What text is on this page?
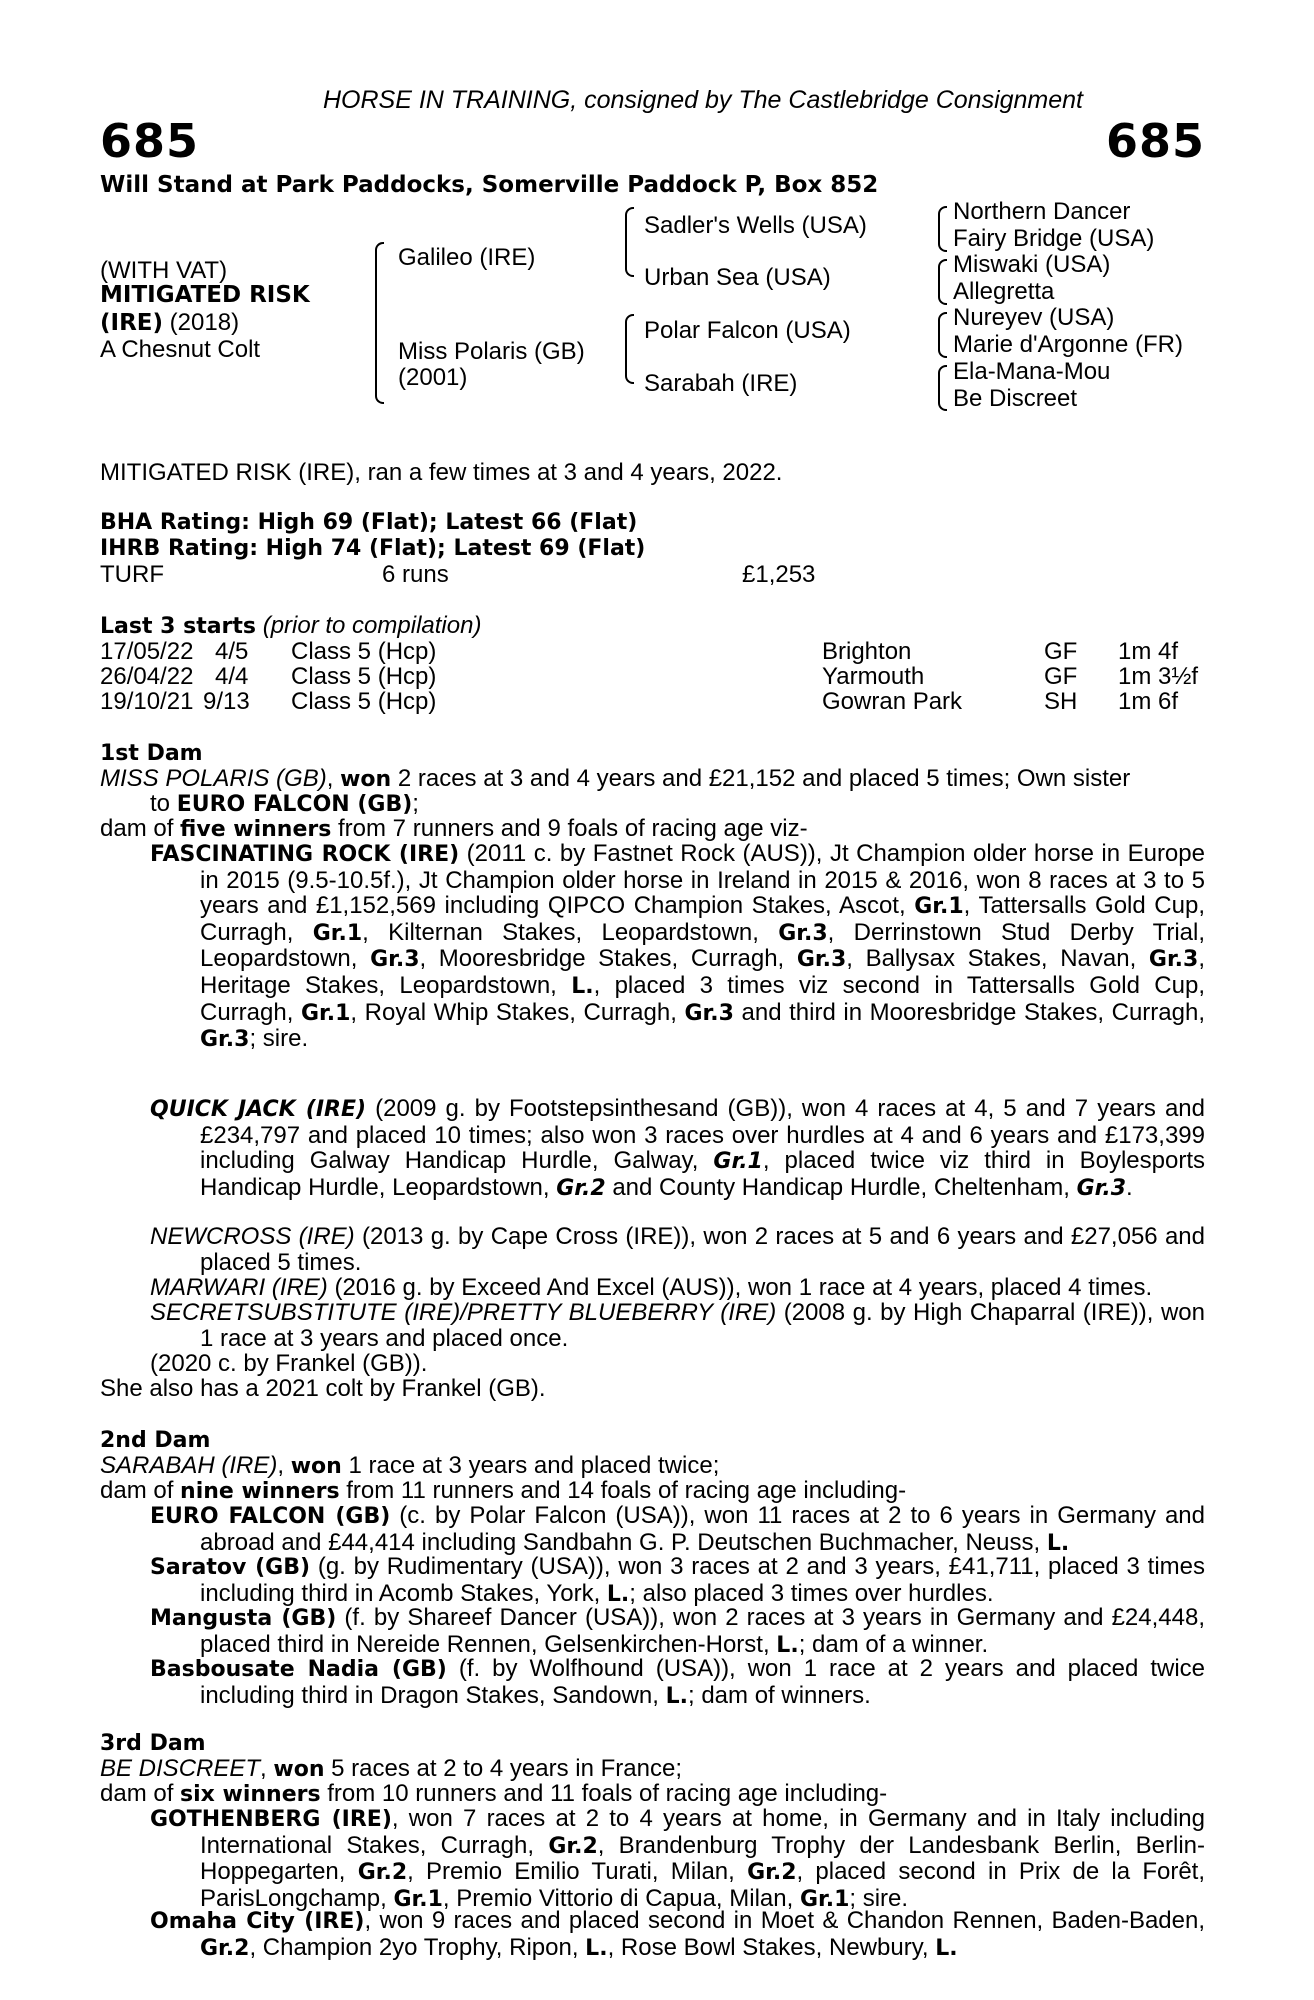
HORSE IN TRAINING, consigned by The Castlebridge Consignment
685	685
Will Stand at Park Paddocks, Somerville Paddock P, Box 852
(WITH VAT)
MITIGATED RISK
(IRE) (2018)
A Chesnut Colt
Galileo (IRE)
Miss Polaris (GB)
(2001)
Sadler's Wells (USA)
Urban Sea (USA)
Polar Falcon (USA)
Sarabah (IRE)
Northern Dancer
Fairy Bridge (USA)
Miswaki (USA)
Allegretta
Nureyev (USA)
Marie d'Argonne (FR)
Ela-Mana-Mou
Be Discreet
MITIGATED RISK (IRE), ran a few times at 3 and 4 years, 2022.
BHA Rating: High 69 (Flat); Latest 66 (Flat)
IHRB Rating: High 74 (Flat); Latest 69 (Flat)
TURF	6 runs	£1,253
Last 3 starts (prior to compilation)
17/05/22 4/5 Class 5 (Hcp)	Brighton	GF 1m 4f
26/04/22 4/4 Class 5 (Hcp)	Yarmouth	GF 1m 3½f
19/10/21 9/13 Class 5 (Hcp)	Gowran Park	SH 1m 6f
1st Dam
MISS POLARIS (GB), won 2 races at 3 and 4 years and £21,152 and placed 5 times; Own sister
to EURO FALCON (GB);
dam of five winners from 7 runners and 9 foals of racing age viz-
FASCINATING ROCK (IRE) (2011 c. by Fastnet Rock (AUS)), Jt Champion older horse in Europe in 2015 (9.5-10.5f.), Jt Champion older horse in Ireland in 2015 & 2016, won 8 races at 3 to 5 years and £1,152,569 including QIPCO Champion Stakes, Ascot, Gr.1, Tattersalls Gold Cup, Curragh, Gr.1, Kilternan Stakes, Leopardstown, Gr.3, Derrinstown Stud Derby Trial, Leopardstown, Gr.3, Mooresbridge Stakes, Curragh, Gr.3, Ballysax Stakes, Navan, Gr.3, Heritage Stakes, Leopardstown, L., placed 3 times viz second in Tattersalls Gold Cup, Curragh, Gr.1, Royal Whip Stakes, Curragh, Gr.3 and third in Mooresbridge Stakes, Curragh, Gr.3; sire.
QUICK JACK (IRE) (2009 g. by Footstepsinthesand (GB)), won 4 races at 4, 5 and 7 years and £234,797 and placed 10 times; also won 3 races over hurdles at 4 and 6 years and £173,399 including Galway Handicap Hurdle, Galway, Gr.1, placed twice viz third in Boylesports Handicap Hurdle, Leopardstown, Gr.2 and County Handicap Hurdle, Cheltenham, Gr.3.
NEWCROSS (IRE) (2013 g. by Cape Cross (IRE)), won 2 races at 5 and 6 years and £27,056 and placed 5 times.
MARWARI (IRE) (2016 g. by Exceed And Excel (AUS)), won 1 race at 4 years, placed 4 times.
SECRETSUBSTITUTE (IRE)/PRETTY BLUEBERRY (IRE) (2008 g. by High Chaparral (IRE)), won 1 race at 3 years and placed once.
(2020 c. by Frankel (GB)).
She also has a 2021 colt by Frankel (GB).
2nd Dam
SARABAH (IRE), won 1 race at 3 years and placed twice;
dam of nine winners from 11 runners and 14 foals of racing age including-
EURO FALCON (GB) (c. by Polar Falcon (USA)), won 11 races at 2 to 6 years in Germany and abroad and £44,414 including Sandbahn G. P. Deutschen Buchmacher, Neuss, L.
Saratov (GB) (g. by Rudimentary (USA)), won 3 races at 2 and 3 years, £41,711, placed 3 times including third in Acomb Stakes, York, L.; also placed 3 times over hurdles.
Mangusta (GB) (f. by Shareef Dancer (USA)), won 2 races at 3 years in Germany and £24,448, placed third in Nereide Rennen, Gelsenkirchen-Horst, L.; dam of a winner.
Basbousate Nadia (GB) (f. by Wolfhound (USA)), won 1 race at 2 years and placed twice including third in Dragon Stakes, Sandown, L.; dam of winners.
3rd Dam
BE DISCREET, won 5 races at 2 to 4 years in France;
dam of six winners from 10 runners and 11 foals of racing age including-
GOTHENBERG (IRE), won 7 races at 2 to 4 years at home, in Germany and in Italy including International Stakes, Curragh, Gr.2, Brandenburg Trophy der Landesbank Berlin, Berlin-Hoppegarten, Gr.2, Premio Emilio Turati, Milan, Gr.2, placed second in Prix de la Forêt, ParisLongchamp, Gr.1, Premio Vittorio di Capua, Milan, Gr.1; sire.
Omaha City (IRE), won 9 races and placed second in Moet & Chandon Rennen, Baden-Baden, Gr.2, Champion 2yo Trophy, Ripon, L., Rose Bowl Stakes, Newbury, L.
